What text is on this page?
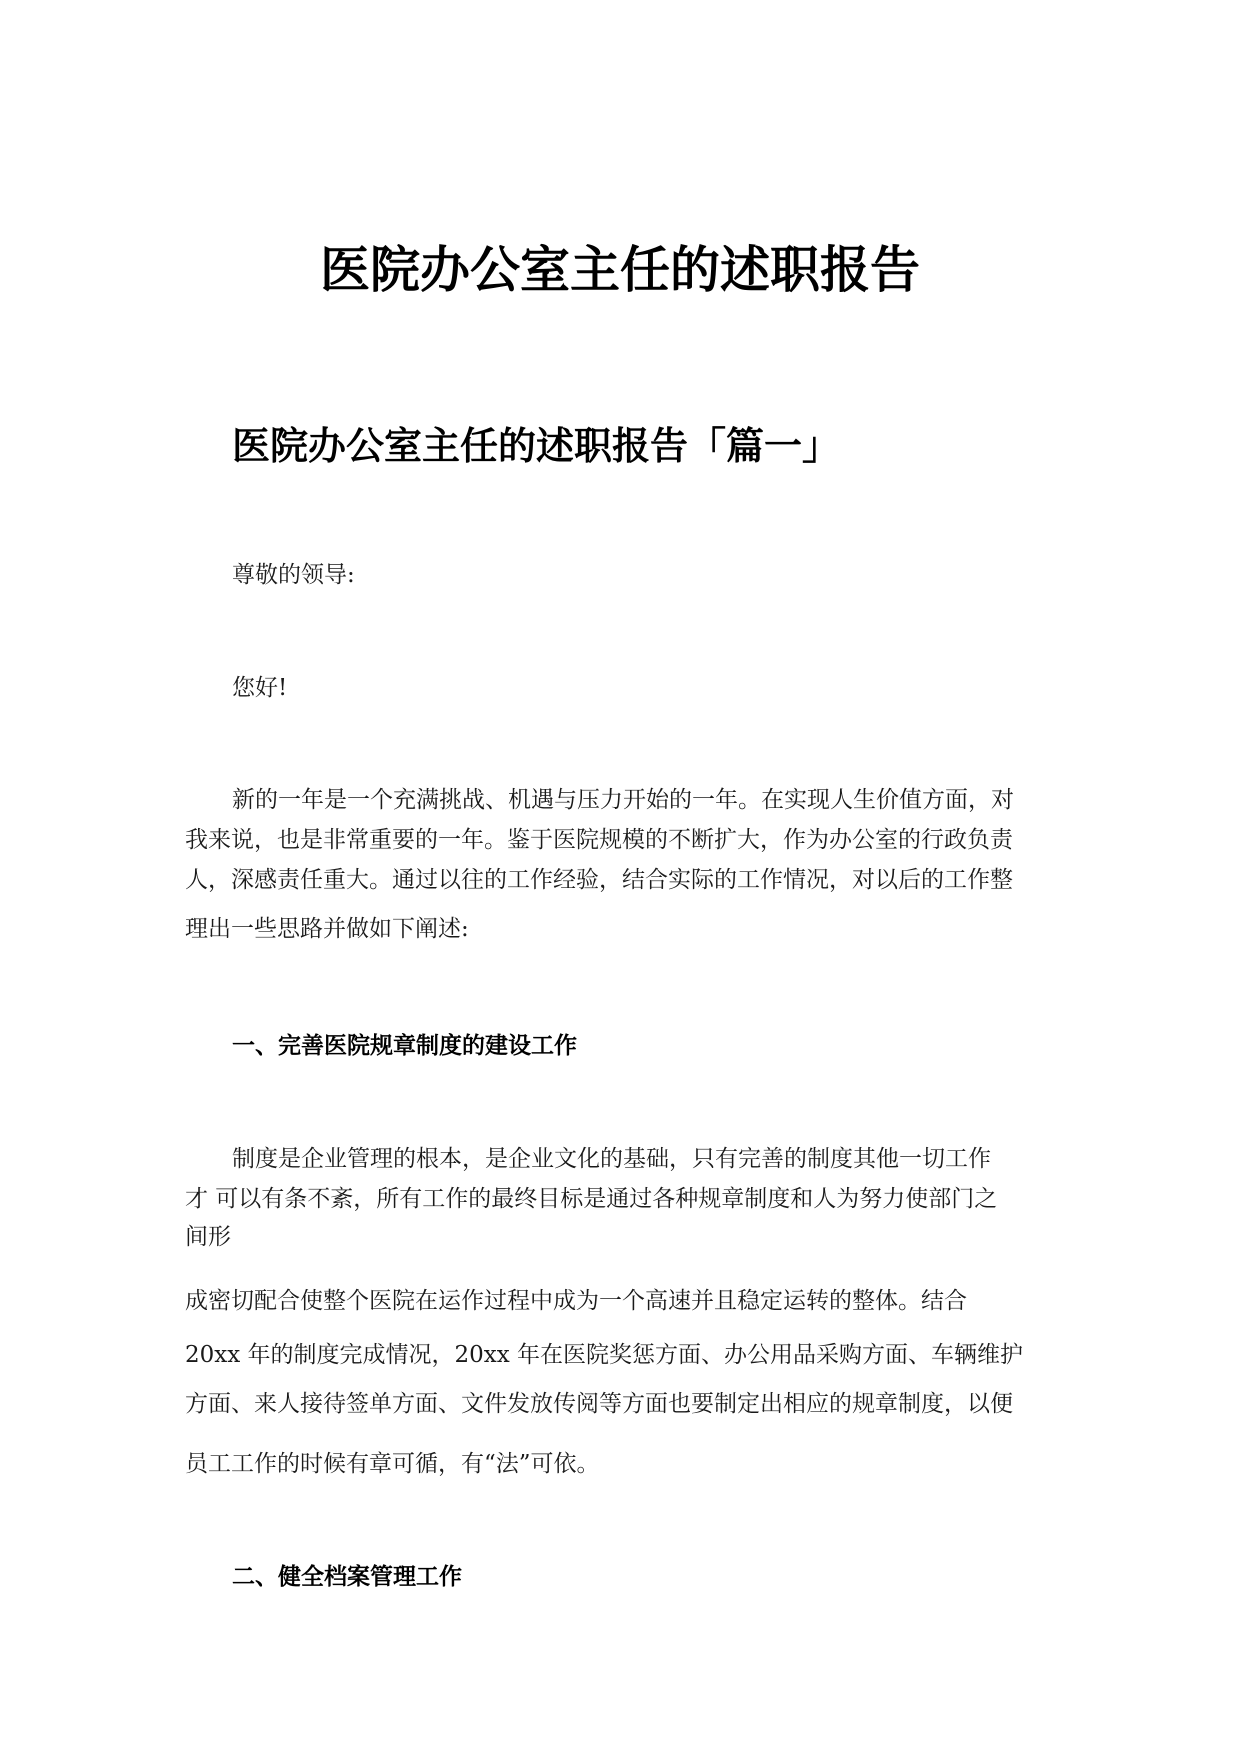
医院办公室主任的述职报告
医院办公室主任的述职报告「篇一」

尊敬的领导:

您好!

新的一年是一个充满挑战、机遇与压力开始的一年。在实现人生价值方面，对

我来说，也是非常重要的一年。鉴于医院规模的不断扩大，作为办公室的行政负责

人，深感责任重大。通过以往的工作经验，结合实际的工作情况，对以后的工作整

理出一些思路并做如下阐述:

一、完善医院规章制度的建设工作

制度是企业管理的根本，是企业文化的基础，只有完善的制度其他一切工作

才 可以有条不紊，所有工作的最终目标是通过各种规章制度和人为努力使部门之

间形

成密切配合使整个医院在运作过程中成为一个高速并且稳定运转的整体。结合

20xx 年的制度完成情况，20xx 年在医院奖惩方面、办公用品采购方面、车辆维护

方面、来人接待签单方面、文件发放传阅等方面也要制定出相应的规章制度，以便

员工工作的时候有章可循，有“法”可依。

二、健全档案管理工作
